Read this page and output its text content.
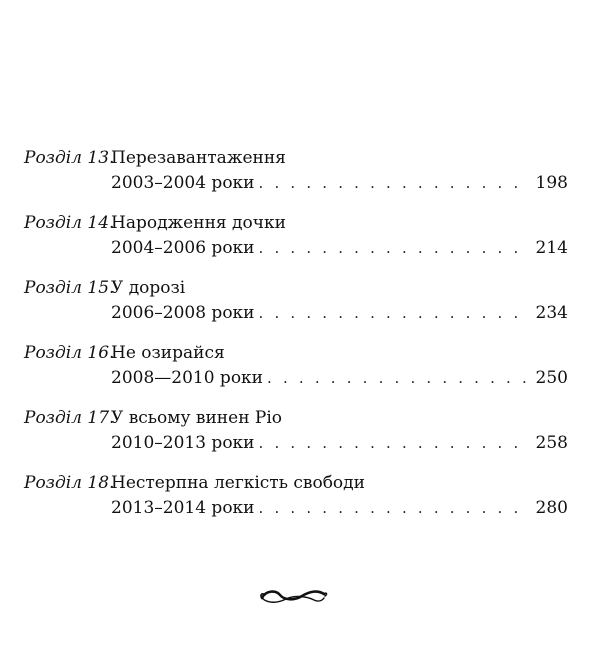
Розділ 13.
Перезавантаження
2003–2004 роки . . .	198
Розділ 14.
Народження дочки
2004–2006 роки . . .	214
Розділ 15.
У дорозі
2006–2008 роки . . .	234
Розділ 16.
Не озирайся
2008—2010 роки . . .	250
Розділ 17.
У всьому винен Ріо
2010–2013 роки . . .	258
Розділ 18.
Нестерпна легкість свободи
2013–2014 роки . . .	280
